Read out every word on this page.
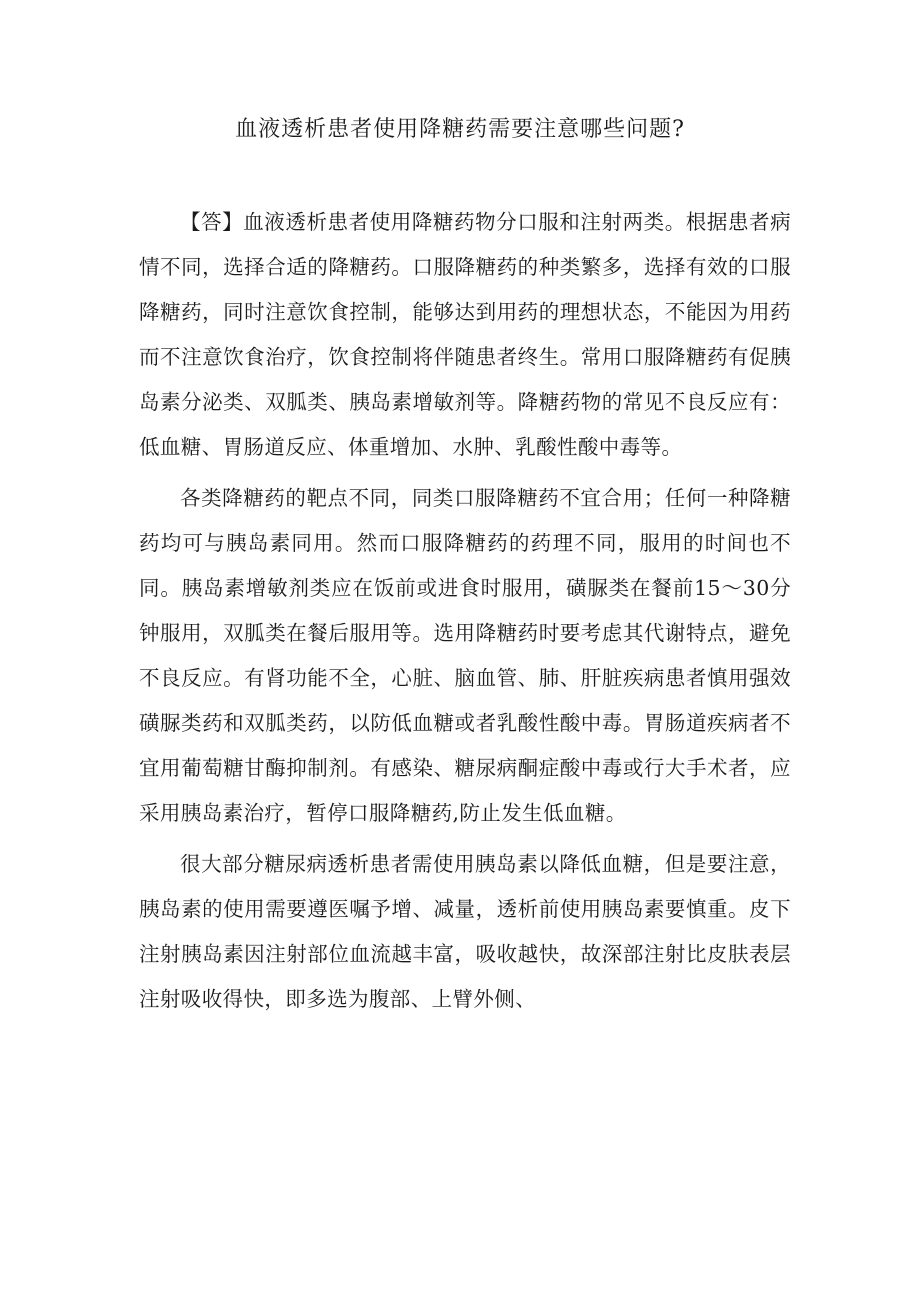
血液透析患者使用降糖药需要注意哪些问题?

【答】血液透析患者使用降糖药物分口服和注射两类。根据患者病情不同，选择合适的降糖药。口服降糖药的种类繁多，选择有效的口服降糖药，同时注意饮食控制，能够达到用药的理想状态，不能因为用药而不注意饮食治疗，饮食控制将伴随患者终生。常用口服降糖药有促胰岛素分泌类、双胍类、胰岛素增敏剂等。降糖药物的常见不良反应有：低血糖、胃肠道反应、体重增加、水肿、乳酸性酸中毒等。

各类降糖药的靶点不同，同类口服降糖药不宜合用；任何一种降糖药均可与胰岛素同用。然而口服降糖药的药理不同，服用的时间也不同。胰岛素增敏剂类应在饭前或进食时服用，磺脲类在餐前15～30分钟服用，双胍类在餐后服用等。选用降糖药时要考虑其代谢特点，避免不良反应。有肾功能不全，心脏、脑血管、肺、肝脏疾病患者慎用强效磺脲类药和双胍类药，以防低血糖或者乳酸性酸中毒。胃肠道疾病者不宜用葡萄糖甘酶抑制剂。有感染、糖尿病酮症酸中毒或行大手术者，应采用胰岛素治疗，暂停口服降糖药,防止发生低血糖。

很大部分糖尿病透析患者需使用胰岛素以降低血糖，但是要注意，胰岛素的使用需要遵医嘱予增、减量，透析前使用胰岛素要慎重。皮下注射胰岛素因注射部位血流越丰富，吸收越快，故深部注射比皮肤表层注射吸收得快，即多选为腹部、上臂外侧、
